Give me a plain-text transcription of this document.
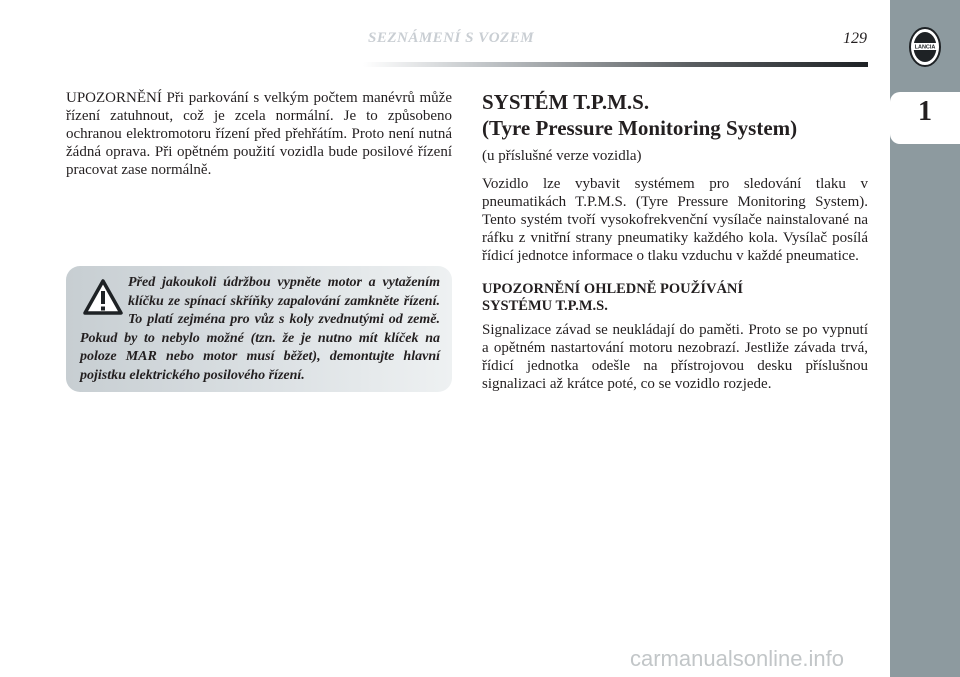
SEZNÁMENÍ S VOZEM	129
LANCIA
1

UPOZORNĚNÍ Při parkování s velkým počtem manévrů může řízení zatuhnout, což je zcela normální. Je to způsobeno ochranou elektromotoru řízení před přehřátím. Proto není nutná žádná oprava. Při opětném použití vozidla bude posilové řízení pracovat zase normálně.

Před jakoukoli údržbou vypněte motor a vytažením klíčku ze spínací skříňky zapalování zamkněte řízení. To platí zejména pro vůz s koly zvednutými od země. Pokud by to nebylo možné (tzn. že je nutno mít klíček na poloze MAR nebo motor musí běžet), demontujte hlavní pojistku elektrického posilového řízení.
SYSTÉM T.P.M.S.
(Tyre Pressure Monitoring System)

(u příslušné verze vozidla)

Vozidlo lze vybavit systémem pro sledování tlaku v pneumatikách T.P.M.S. (Tyre Pressure Monitoring System). Tento systém tvoří vysokofrekvenční vysílače nainstalované na ráfku z vnitřní strany pneumatiky každého kola. Vysílač posílá řídicí jednotce informace o tlaku vzduchu v každé pneumatice.

UPOZORNĚNÍ OHLEDNĚ POUŽÍVÁNÍ
SYSTÉMU T.P.M.S.

Signalizace závad se neukládají do paměti. Proto se po vypnutí a opětném nastartování motoru nezobrazí. Jestliže závada trvá, řídicí jednotka odešle na přístrojovou desku příslušnou signalizaci až krátce poté, co se vozidlo rozjede.

carmanualsonline.info
